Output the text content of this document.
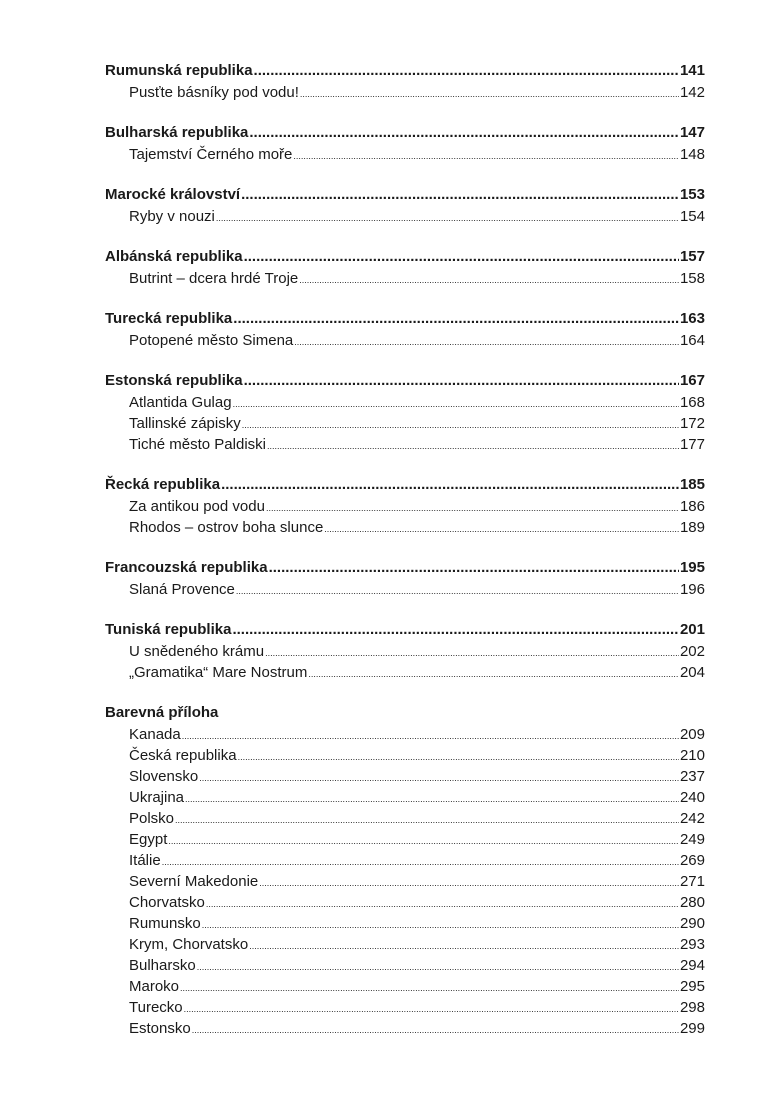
Rumunská republika .....	141
Pusťte básníky pod vodu! .....	142
Bulharská republika .....	147
Tajemství Černého moře .....	148
Marocké království .....	153
Ryby v nouzi .....	154
Albánská republika .....	157
Butrint – dcera hrdé Troje .....	158
Turecká republika .....	163
Potopené město Simena .....	164
Estonská republika .....	167
Atlantida Gulag .....	168
Tallinské zápisky .....	172
Tiché město Paldiski .....	177
Řecká republika .....	185
Za antikou pod vodu .....	186
Rhodos – ostrov boha slunce .....	189
Francouzská republika .....	195
Slaná Provence .....	196
Tuniská republika .....	201
U snědeného krámu .....	202
„Gramatika“ Mare Nostrum .....	204
Barevná příloha
Kanada .....	209
Česká republika .....	210
Slovensko .....	237
Ukrajina .....	240
Polsko .....	242
Egypt .....	249
Itálie .....	269
Severní Makedonie .....	271
Chorvatsko .....	280
Rumunsko .....	290
Krym, Chorvatsko .....	293
Bulharsko .....	294
Maroko .....	295
Turecko .....	298
Estonsko .....	299
